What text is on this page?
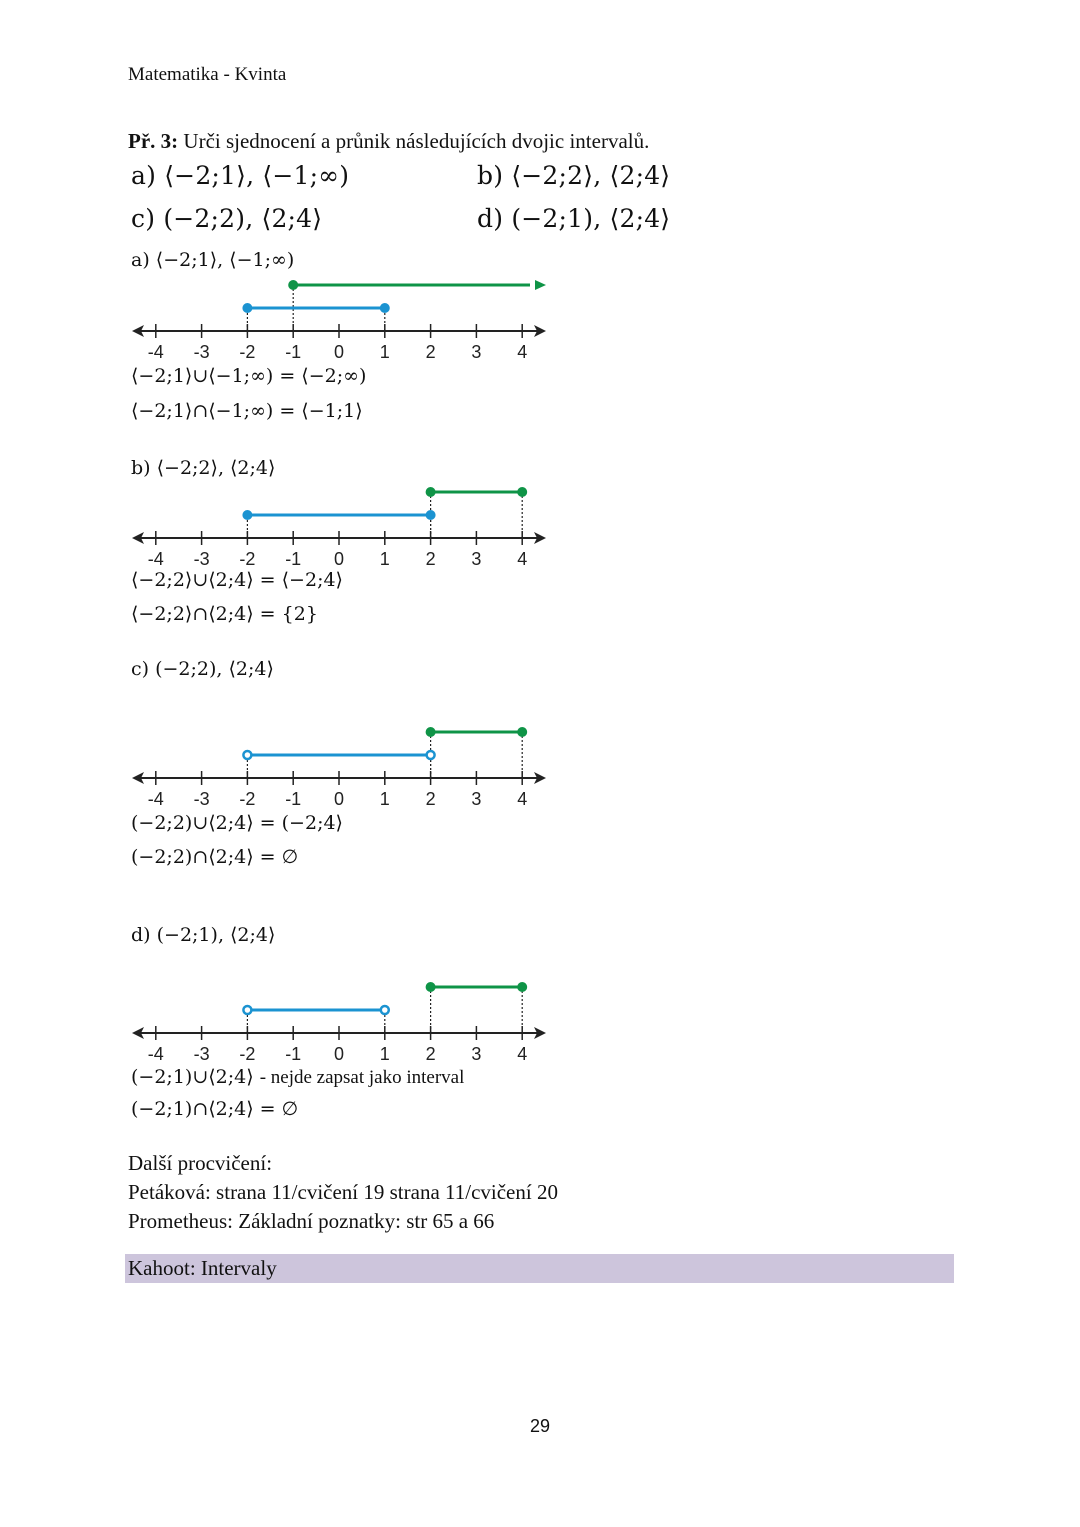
Matematika - Kvinta
Př. 3: Urči sjednocení a průnik následujících dvojic intervalů.
a) ⟨−2;1⟩, ⟨−1;∞)	b) ⟨−2;2⟩, ⟨2;4⟩
c) (−2;2), ⟨2;4⟩	d) (−2;1), ⟨2;4⟩
a) ⟨−2;1⟩, ⟨−1;∞)
-4 -3 -2 -1 0 1 2 3 4
⟨−2;1⟩∪⟨−1;∞) = ⟨−2;∞)
⟨−2;1⟩∩⟨−1;∞) = ⟨−1;1⟩
b) ⟨−2;2⟩, ⟨2;4⟩
-4 -3 -2 -1 0 1 2 3 4
⟨−2;2⟩∪⟨2;4⟩ = ⟨−2;4⟩
⟨−2;2⟩∩⟨2;4⟩ = {2}
c) (−2;2), ⟨2;4⟩
-4 -3 -2 -1 0 1 2 3 4
(−2;2)∪⟨2;4⟩ = (−2;4⟩
(−2;2)∩⟨2;4⟩ = ∅
d) (−2;1), ⟨2;4⟩
-4 -3 -2 -1 0 1 2 3 4
(−2;1)∪⟨2;4⟩ - nejde zapsat jako interval
(−2;1)∩⟨2;4⟩ = ∅
Další procvičení:
Petáková: strana 11/cvičení 19 strana 11/cvičení 20
Prometheus: Základní poznatky: str 65 a 66
Kahoot: Intervaly
29
